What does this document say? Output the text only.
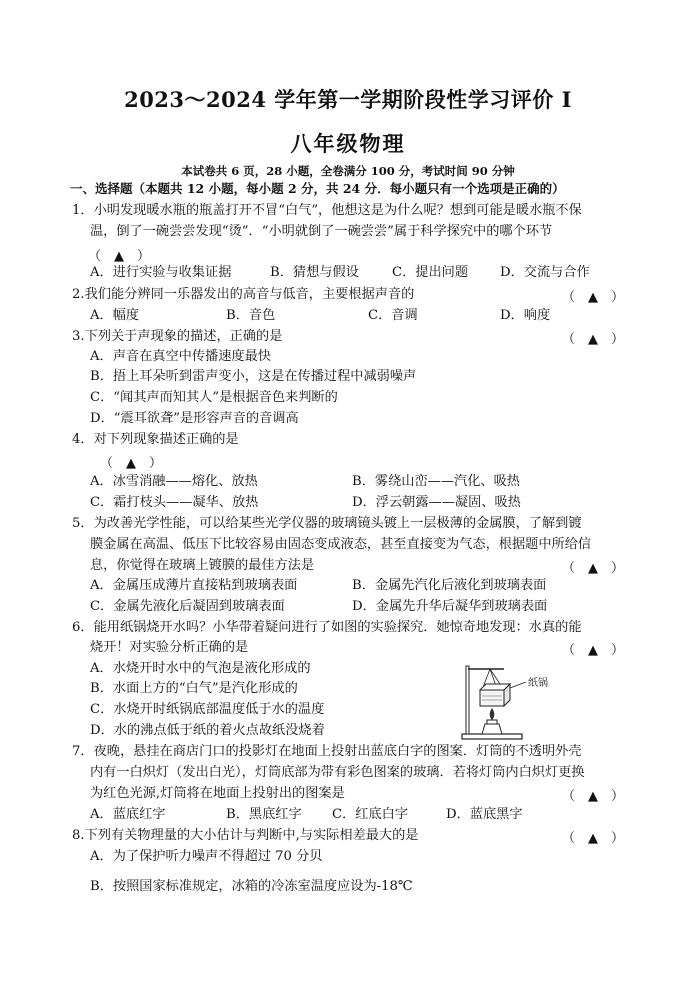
2023～2024 学年第一学期阶段性学习评价 I
八年级物理
本试卷共 6 页，28 小题，全卷满分 100 分，考试时间 90 分钟
一、选择题（本题共 12 小题，每小题 2 分，共 24 分．每小题只有一个选项是正确的）
1．小明发现暖水瓶的瓶盖打开不冒“白气”，他想这是为什么呢？想到可能是暖水瓶不保
温，倒了一碗尝尝发现“烫”．“小明就倒了一碗尝尝”属于科学探究中的哪个环节
（　▲　）
A．进行实验与收集证据	B．猜想与假设	C．提出问题 D．交流与合作
2.我们能分辨同一乐器发出的高音与低音，主要根据声音的	（　▲　）
A．幅度	B．音色	C．音调	D．响度
3.下列关于声现象的描述，正确的是	（　▲　）
A．声音在真空中传播速度最快
B．捂上耳朵听到雷声变小，这是在传播过程中减弱噪声
C．“闻其声而知其人”是根据音色来判断的
D．“震耳欲聋”是形容声音的音调高
4．对下列现象描述正确的是
（　▲　）
A．冰雪消融——熔化、放热	B．雾绕山峦——汽化、吸热
C．霜打枝头——凝华、放热	D．浮云朝露——凝固、吸热
5．为改善光学性能，可以给某些光学仪器的玻璃镜头镀上一层极薄的金属膜，了解到镀
膜金属在高温、低压下比较容易由固态变成液态，甚至直接变为气态，根据题中所给信
息，你觉得在玻璃上镀膜的最佳方法是	（　▲　）
A．金属压成薄片直接粘到玻璃表面	B．金属先汽化后液化到玻璃表面
C．金属先液化后凝固到玻璃表面	D．金属先升华后凝华到玻璃表面
6．能用纸锅烧开水吗？小华带着疑问进行了如图的实验探究．她惊奇地发现：水真的能
烧开！对实验分析正确的是	（　▲　）
A．水烧开时水中的气泡是液化形成的
B．水面上方的“白气”是汽化形成的
C．水烧开时纸锅底部温度低于水的温度
D．水的沸点低于纸的着火点故纸没烧着
纸锅
7．夜晚，悬挂在商店门口的投影灯在地面上投射出蓝底白字的图案．灯筒的不透明外壳
内有一白炽灯（发出白光），灯筒底部为带有彩色图案的玻璃．若将灯筒内白炽灯更换
为红色光源,灯筒将在地面上投射出的图案是	（　▲　）
A．蓝底红字	B．黑底红字 C．红底白字	D．蓝底黑字
8.下列有关物理量的大小估计与判断中,与实际相差最大的是	（　▲　）
A．为了保护听力噪声不得超过 70 分贝
B．按照国家标准规定，冰箱的冷冻室温度应设为-18℃
